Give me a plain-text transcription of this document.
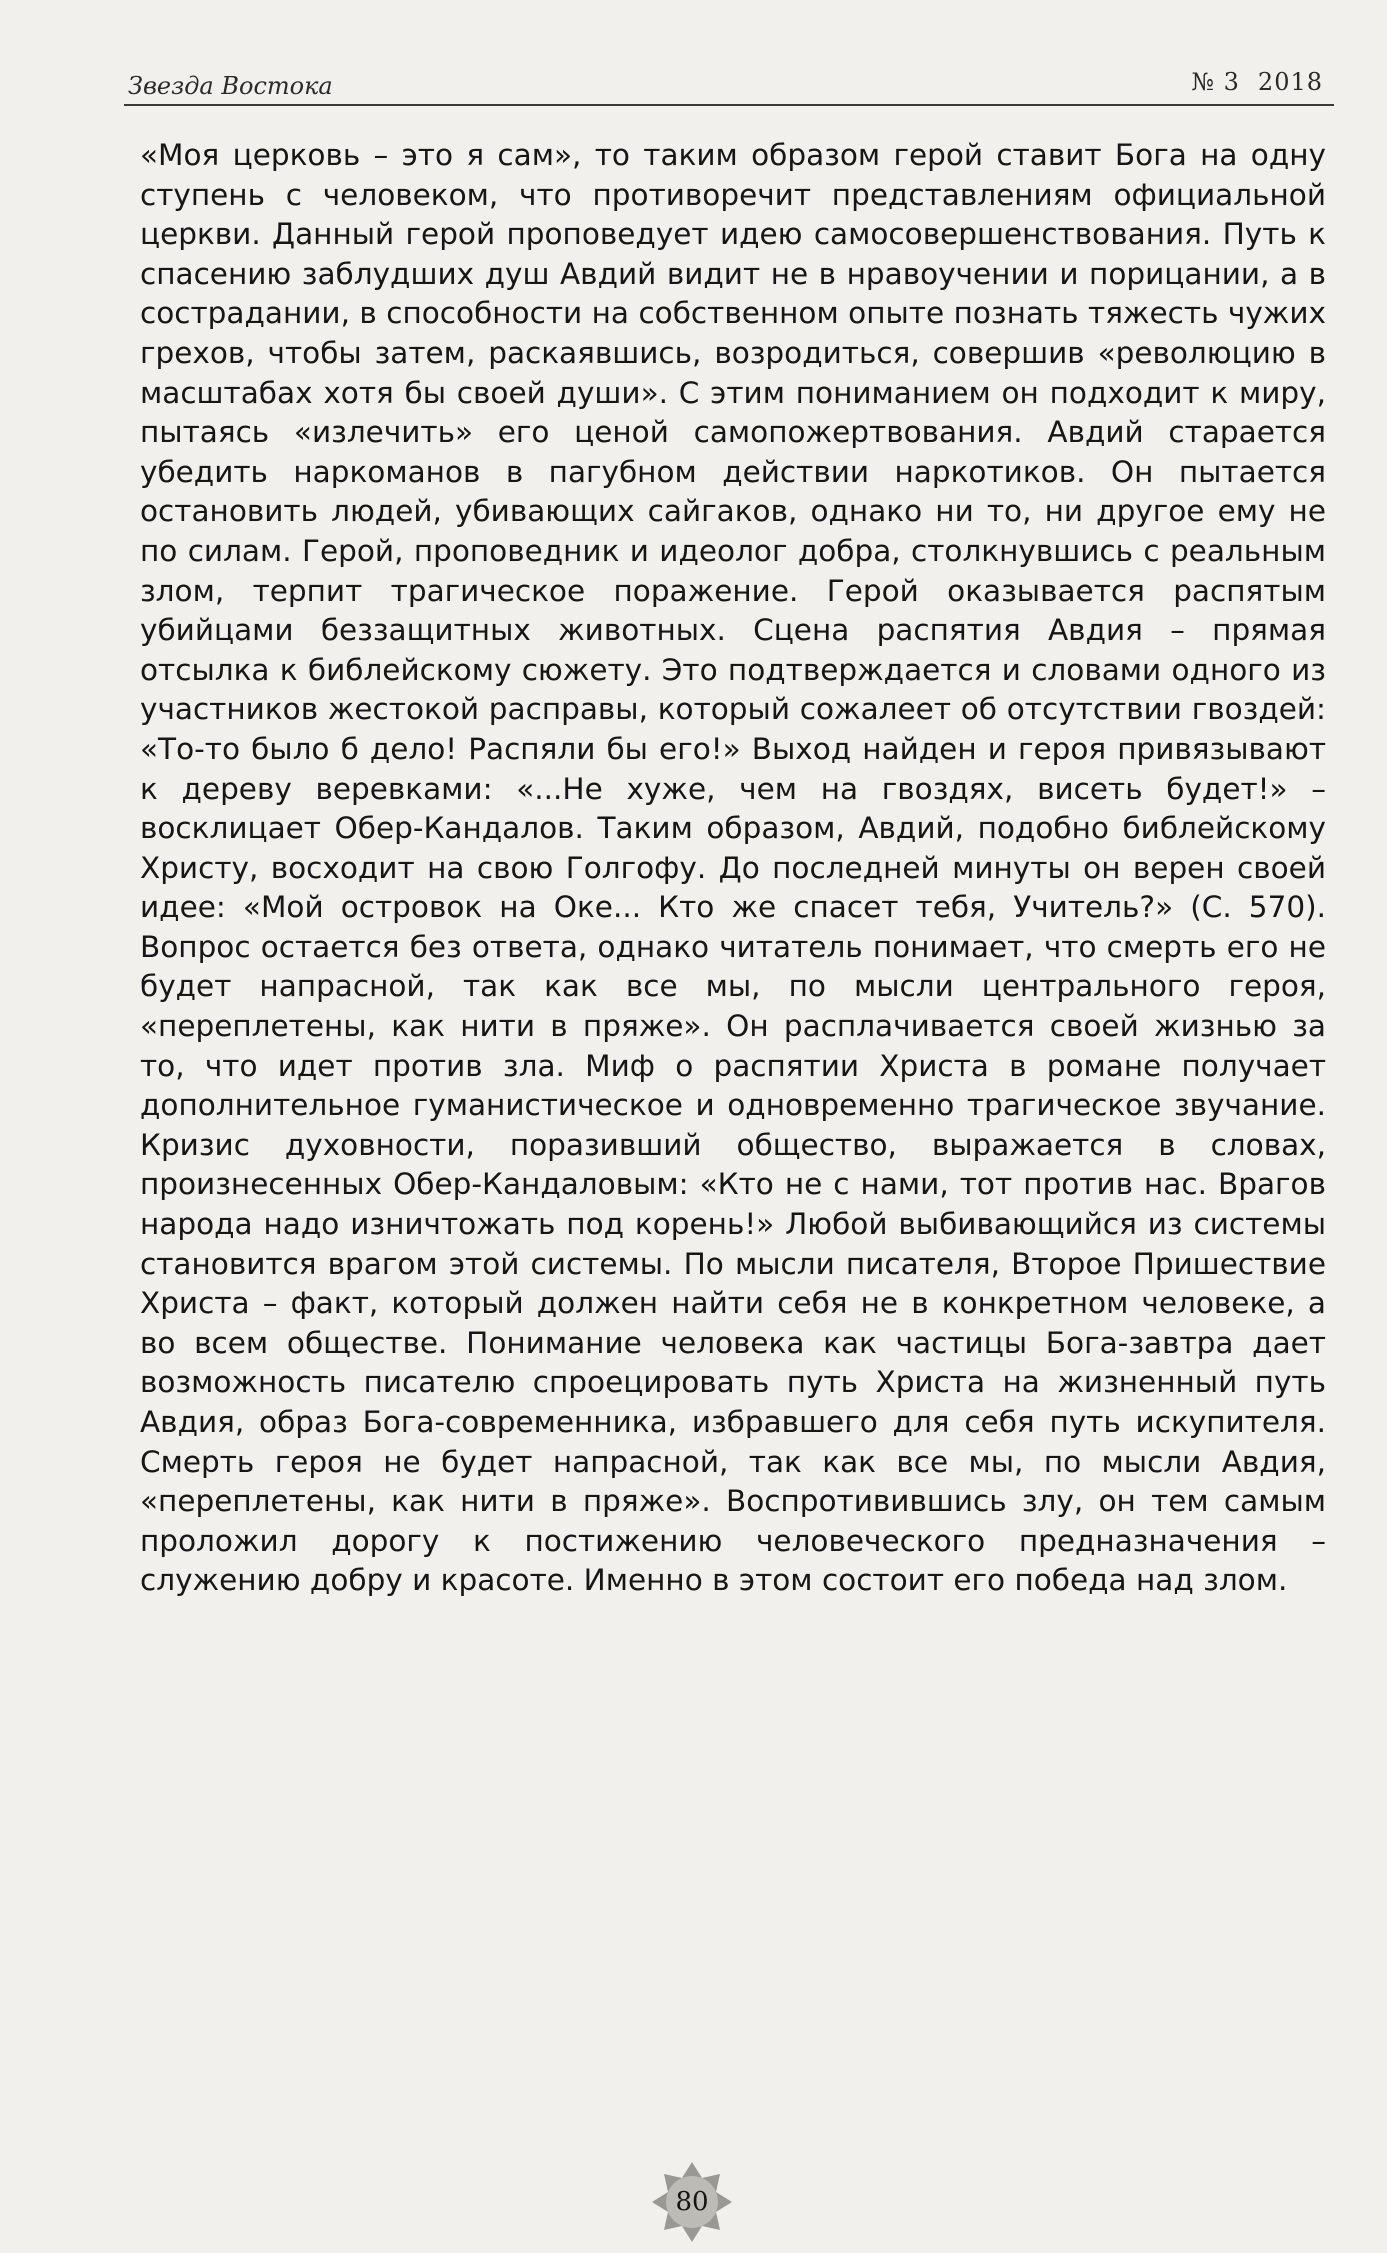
Звезда Востока	№ 3 2018

«Моя церковь – это я сам», то таким образом герой ставит Бога на одну ступень с человеком, что противоречит представлениям официальной церкви. Данный герой проповедует идею самосовершенствования. Путь к спасению заблудших душ Авдий видит не в нравоучении и порицании, а в сострадании, в способности на собственном опыте познать тяжесть чужих грехов, чтобы затем, раскаявшись, возродиться, совершив «революцию в масштабах хотя бы своей души». С этим пониманием он подходит к миру, пытаясь «излечить» его ценой самопожертвования. Авдий старается убедить наркоманов в пагубном действии наркотиков. Он пытается остановить людей, убивающих сайгаков, однако ни то, ни другое ему не по силам. Герой, проповедник и идеолог добра, столкнувшись с реальным злом, терпит трагическое поражение. Герой оказывается распятым убийцами беззащитных животных. Сцена распятия Авдия – прямая отсылка к библейскому сюжету. Это подтверждается и словами одного из участников жестокой расправы, который сожалеет об отсутствии гвоздей: «То-то было б дело! Распяли бы его!» Выход найден и героя привязывают к дереву веревками: «...Не хуже, чем на гвоздях, висеть будет!» – восклицает Обер-Кандалов. Таким образом, Авдий, подобно библейскому Христу, восходит на свою Голгофу. До последней минуты он верен своей идее: «Мой островок на Оке... Кто же спасет тебя, Учитель?» (С. 570). Вопрос остается без ответа, однако читатель понимает, что смерть его не будет напрасной, так как все мы, по мысли центрального героя, «переплетены, как нити в пряже». Он расплачивается своей жизнью за то, что идет против зла. Миф о распятии Христа в романе получает дополнительное гуманистическое и одновременно трагическое звучание. Кризис духовности, поразивший общество, выражается в словах, произнесенных Обер-Кандаловым: «Кто не с нами, тот против нас. Врагов народа надо изничтожать под корень!» Любой выбивающийся из системы становится врагом этой системы. По мысли писателя, Второе Пришествие Христа – факт, который должен найти себя не в конкретном человеке, а во всем обществе. Понимание человека как частицы Бога-завтра дает возможность писателю спроецировать путь Христа на жизненный путь Авдия, образ Бога-современника, избравшего для себя путь искупителя. Смерть героя не будет напрасной, так как все мы, по мысли Авдия, «переплетены, как нити в пряже». Воспротивившись злу, он тем самым проложил дорогу к постижению человеческого предназначения – служению добру и красоте. Именно в этом состоит его победа над злом.

80
